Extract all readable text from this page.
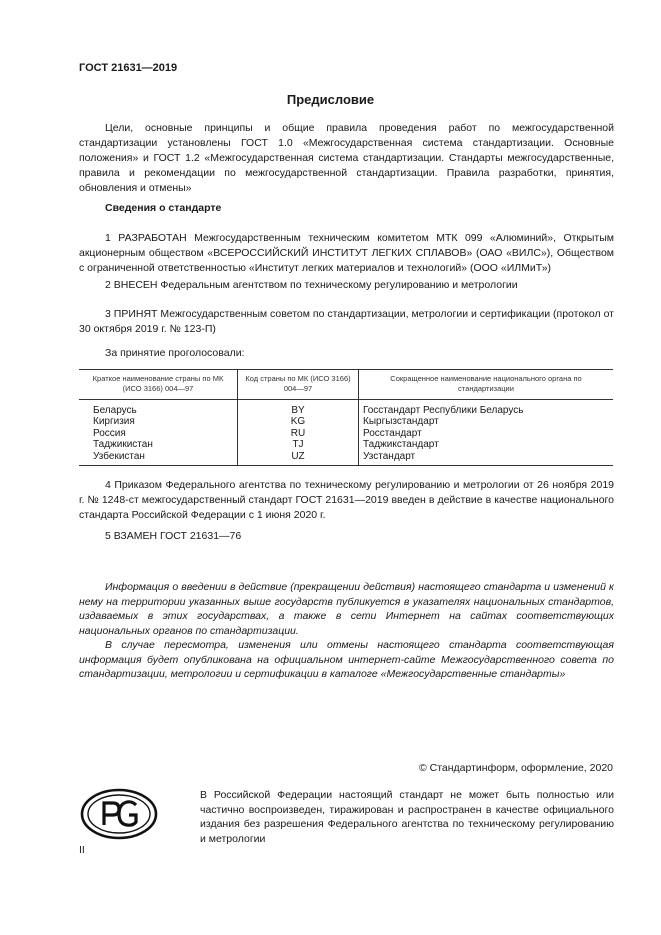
ГОСТ 21631—2019
Предисловие
Цели, основные принципы и общие правила проведения работ по межгосударственной стандартизации установлены ГОСТ 1.0 «Межгосударственная система стандартизации. Основные положения» и ГОСТ 1.2 «Межгосударственная система стандартизации. Стандарты межгосударственные, правила и рекомендации по межгосударственной стандартизации. Правила разработки, принятия, обновления и отмены»
Сведения о стандарте
1 РАЗРАБОТАН Межгосударственным техническим комитетом МТК 099 «Алюминий», Открытым акционерным обществом «ВСЕРОССИЙСКИЙ ИНСТИТУТ ЛЕГКИХ СПЛАВОВ» (ОАО «ВИЛС»), Обществом с ограниченной ответственностью «Институт легких материалов и технологий» (ООО «ИЛМиТ»)
2 ВНЕСЕН Федеральным агентством по техническому регулированию и метрологии
3 ПРИНЯТ Межгосударственным советом по стандартизации, метрологии и сертификации (протокол от 30 октября 2019 г. № 123-П)
За принятие проголосовали:
Краткое наименование страны по МК (ИСО 3166) 004—97	Код страны по МК (ИСО 3166) 004—97	Сокращенное наименование национального органа по стандартизации
Беларусь	BY	Госстандарт Республики Беларусь
Киргизия	KG	Кыргызстандарт
Россия	RU	Росстандарт
Таджикистан	TJ	Таджикстандарт
Узбекистан	UZ	Узстандарт
4 Приказом Федерального агентства по техническому регулированию и метрологии от 26 ноября 2019 г. № 1248-ст межгосударственный стандарт ГОСТ 21631—2019 введен в действие в качестве национального стандарта Российской Федерации с 1 июня 2020 г.
5 ВЗАМЕН ГОСТ 21631—76
Информация о введении в действие (прекращении действия) настоящего стандарта и изменений к нему на территории указанных выше государств публикуется в указателях национальных стандартов, издаваемых в этих государствах, а также в сети Интернет на сайтах соответствующих национальных органов по стандартизации.
В случае пересмотра, изменения или отмены настоящего стандарта соответствующая информация будет опубликована на официальном интернет-сайте Межгосударственного совета по стандартизации, метрологии и сертификации в каталоге «Межгосударственные стандарты»
© Стандартинформ, оформление, 2020
В Российской Федерации настоящий стандарт не может быть полностью или частично воспроизведен, тиражирован и распространен в качестве официального издания без разрешения Федерального агентства по техническому регулированию и метрологии
II
